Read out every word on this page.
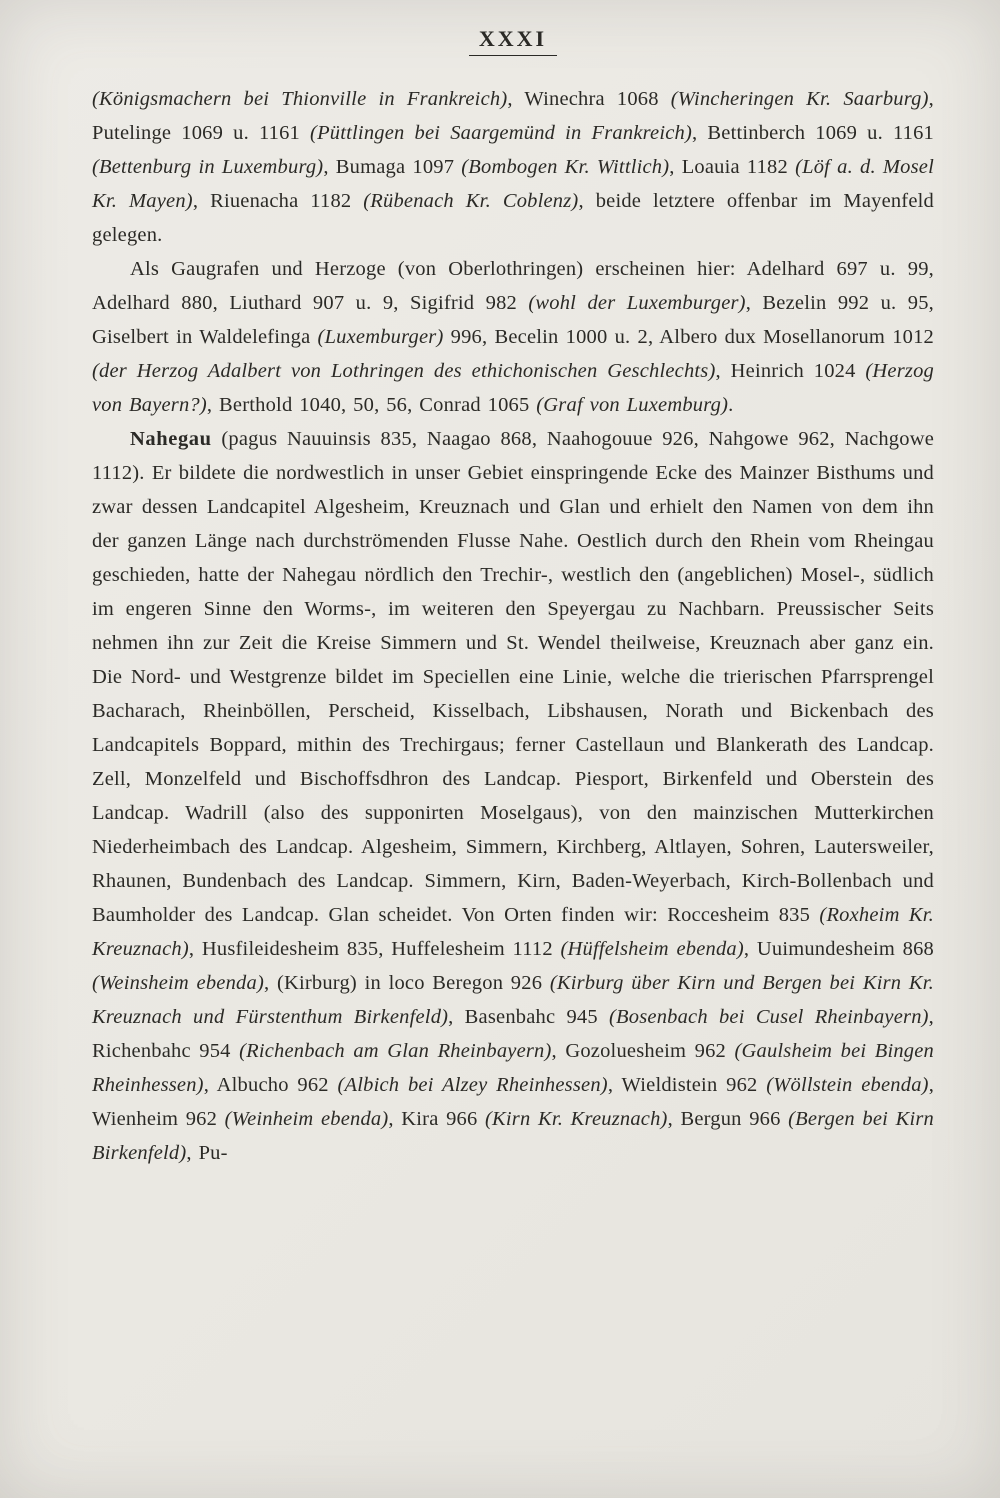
XXXI

(Königsmachern bei Thionville in Frankreich), Winechra 1068 (Wincheringen Kr. Saarburg), Putelinge 1069 u. 1161 (Püttlingen bei Saargemünd in Frankreich), Bettinberch 1069 u. 1161 (Bettenburg in Luxemburg), Bumaga 1097 (Bombogen Kr. Wittlich), Loauia 1182 (Löf a. d. Mosel Kr. Mayen), Riuenacha 1182 (Rübenach Kr. Coblenz), beide letztere offenbar im Mayenfeld gelegen.

Als Gaugrafen und Herzoge (von Oberlothringen) erscheinen hier: Adelhard 697 u. 99, Adelhard 880, Liuthard 907 u. 9, Sigifrid 982 (wohl der Luxemburger), Bezelin 992 u. 95, Giselbert in Waldelefinga (Luxemburger) 996, Becelin 1000 u. 2, Albero dux Mosellanorum 1012 (der Herzog Adalbert von Lothringen des ethichonischen Geschlechts), Heinrich 1024 (Herzog von Bayern?), Berthold 1040, 50, 56, Conrad 1065 (Graf von Luxemburg).

Nahegau (pagus Nauuinsis 835, Naagao 868, Naahogouue 926, Nahgowe 962, Nachgowe 1112). Er bildete die nordwestlich in unser Gebiet einspringende Ecke des Mainzer Bisthums und zwar dessen Landcapitel Algesheim, Kreuznach und Glan und erhielt den Namen von dem ihn der ganzen Länge nach durchströmenden Flusse Nahe. Oestlich durch den Rhein vom Rheingau geschieden, hatte der Nahegau nördlich den Trechir-, westlich den (angeblichen) Mosel-, südlich im engeren Sinne den Worms-, im weiteren den Speyergau zu Nachbarn. Preussischer Seits nehmen ihn zur Zeit die Kreise Simmern und St. Wendel theilweise, Kreuznach aber ganz ein. Die Nord- und Westgrenze bildet im Speciellen eine Linie, welche die trierischen Pfarrsprengel Bacharach, Rheinböllen, Perscheid, Kisselbach, Libshausen, Norath und Bickenbach des Landcapitels Boppard, mithin des Trechirgaus; ferner Castellaun und Blankerath des Landcap. Zell, Monzelfeld und Bischoffsdhron des Landcap. Piesport, Birkenfeld und Oberstein des Landcap. Wadrill (also des supponirten Moselgaus), von den mainzischen Mutterkirchen Niederheimbach des Landcap. Algesheim, Simmern, Kirchberg, Altlayen, Sohren, Lautersweiler, Rhaunen, Bundenbach des Landcap. Simmern, Kirn, Baden-Weyerbach, Kirch-Bollenbach und Baumholder des Landcap. Glan scheidet. Von Orten finden wir: Roccesheim 835 (Roxheim Kr. Kreuznach), Husfileidesheim 835, Huffelesheim 1112 (Hüffelsheim ebenda), Uuimundesheim 868 (Weinsheim ebenda), (Kirburg) in loco Beregon 926 (Kirburg über Kirn und Bergen bei Kirn Kr. Kreuznach und Fürstenthum Birkenfeld), Basenbahc 945 (Bosenbach bei Cusel Rheinbayern), Richenbahc 954 (Richenbach am Glan Rheinbayern), Gozoluesheim 962 (Gaulsheim bei Bingen Rheinhessen), Albucho 962 (Albich bei Alzey Rheinhessen), Wieldistein 962 (Wöllstein ebenda), Wienheim 962 (Weinheim ebenda), Kira 966 (Kirn Kr. Kreuznach), Bergun 966 (Bergen bei Kirn Birkenfeld), Pu-
